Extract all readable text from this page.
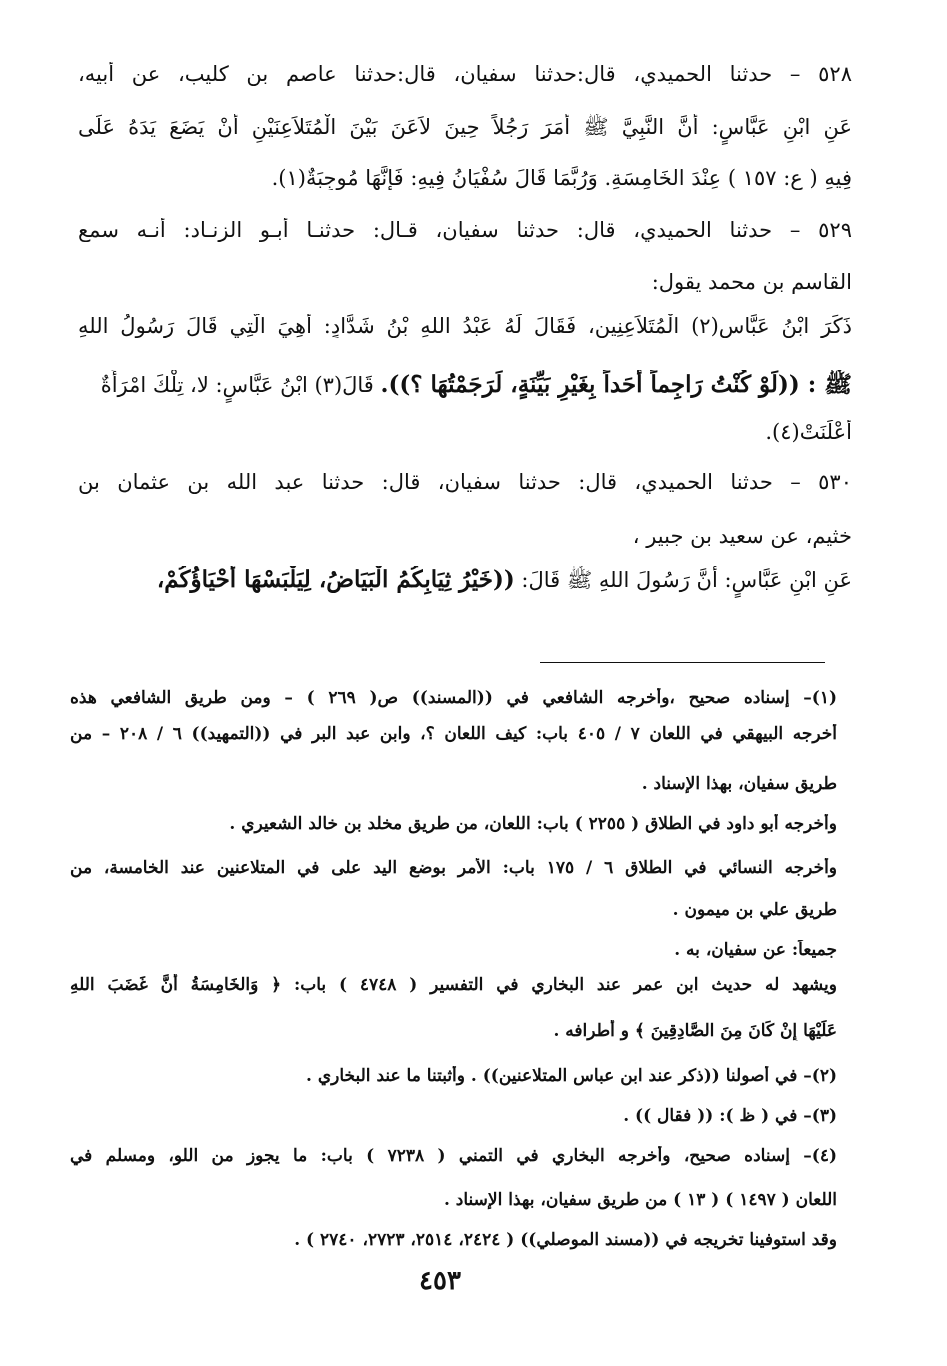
٥٢٨ – حدثنا الحميدي، قال:حدثنا سفيان، قال:حدثنا عاصم بن كليب، عن أبيه،
عَنِ ابْنِ عَبَّاسٍ: أَنَّ النَّبِيَّ ﷺ أَمَرَ رَجُلاً حِينَ لاَعَنَ بَيْنَ الْمُتَلاَعِنَيْنِ أَنْ يَضَعَ يَدَهُ عَلَى
فِيهِ ( ع: ١٥٧ ) عِنْدَ الخَامِسَةِ. وَرُبَّمَا قَالَ سُفْيَانُ فِيهِ: فَإِنَّهَا مُوجِبَةٌ(١).
٥٢٩ – حدثنا الحميدي، قال: حدثنا سفيان، قـال: حدثنـا أبـو الزنـاد: أنـه سمع
القاسم بن محمد يقول:
ذَكَرَ ابْنُ عَبَّاسٍ(٢) الْمُتَلاَعِنِين، فَقَالَ لَهُ عَبْدُ اللهِ بْنُ شَدَّادٍ: أَهِيَ الَّتِي قَالَ رَسُولُ اللهِ
ﷺ : ((لَوْ كُنْتُ رَاجِماً أَحَداً بِغَيْرِ بَيِّنَةٍ، لَرَجَمْتُهَا ؟)). قَالَ(٣) ابْنُ عَبَّاسٍ: لا، تِلْكَ امْرَأَةٌ
أَعْلَنَتْ(٤).
٥٣٠ – حدثنا الحميدي، قال: حدثنا سفيان، قال: حدثنا عبد الله بن عثمان بن
خثيم، عن سعيد بن جبير ،
عَنِ ابْنِ عَبَّاسٍ: أَنَّ رَسُولَ اللهِ ﷺ قَالَ: ((خَيْرُ ثِيَابِكُمُ الْبَيَاضُ، لِيَلْبَسْهَا أَحْيَاؤُكُمْ،
(١)– إسناده صحيح ،وأخرجه الشافعي في ((المسند)) ص( ٢٦٩ ) – ومن طريق الشافعي هذه
أخرجه البيهقي في اللعان ٧ / ٤٠٥ باب: كيف اللعان ؟، وابن عبد البر في ((التمهيد)) ٦ / ٢٠٨ – من
طريق سفيان، بهذا الإسناد .
وأخرجه أبو داود في الطلاق ( ٢٢٥٥ ) باب: اللعان، من طريق مخلد بن خالد الشعيري .
وأخرجه النسائي في الطلاق ٦ / ١٧٥ باب: الأمر بوضع اليد على في المتلاعنين عند الخامسة، من
طريق علي بن ميمون .
جميعاً: عن سفيان، به .
ويشهد له حديث ابن عمر عند البخاري في التفسير ( ٤٧٤٨ ) باب: ﴿ وَالخَامِسَةُ أَنَّ غَضَبَ اللهِ
عَلَيْهَا إِنْ كَانَ مِنَ الصَّادِقِينَ ﴾ و أطرافه .
(٢)– في أصولنا ((ذكر عند ابن عباس المتلاعنين)) . وأثبتنا ما عند البخاري .
(٣)– في ( ظ ): (( فقال )) .
(٤)– إسناده صحيح، وأخرجه البخاري في التمني ( ٧٢٣٨ ) باب: ما يجوز من اللو، ومسلم في
اللعان ( ١٤٩٧ ) ( ١٣ ) من طريق سفيان، بهذا الإسناد .
وقد استوفينا تخريجه في ((مسند الموصلي)) ( ٢٤٢٤، ٢٥١٤، ٢٧٢٣، ٢٧٤٠ ) .
٤٥٣
